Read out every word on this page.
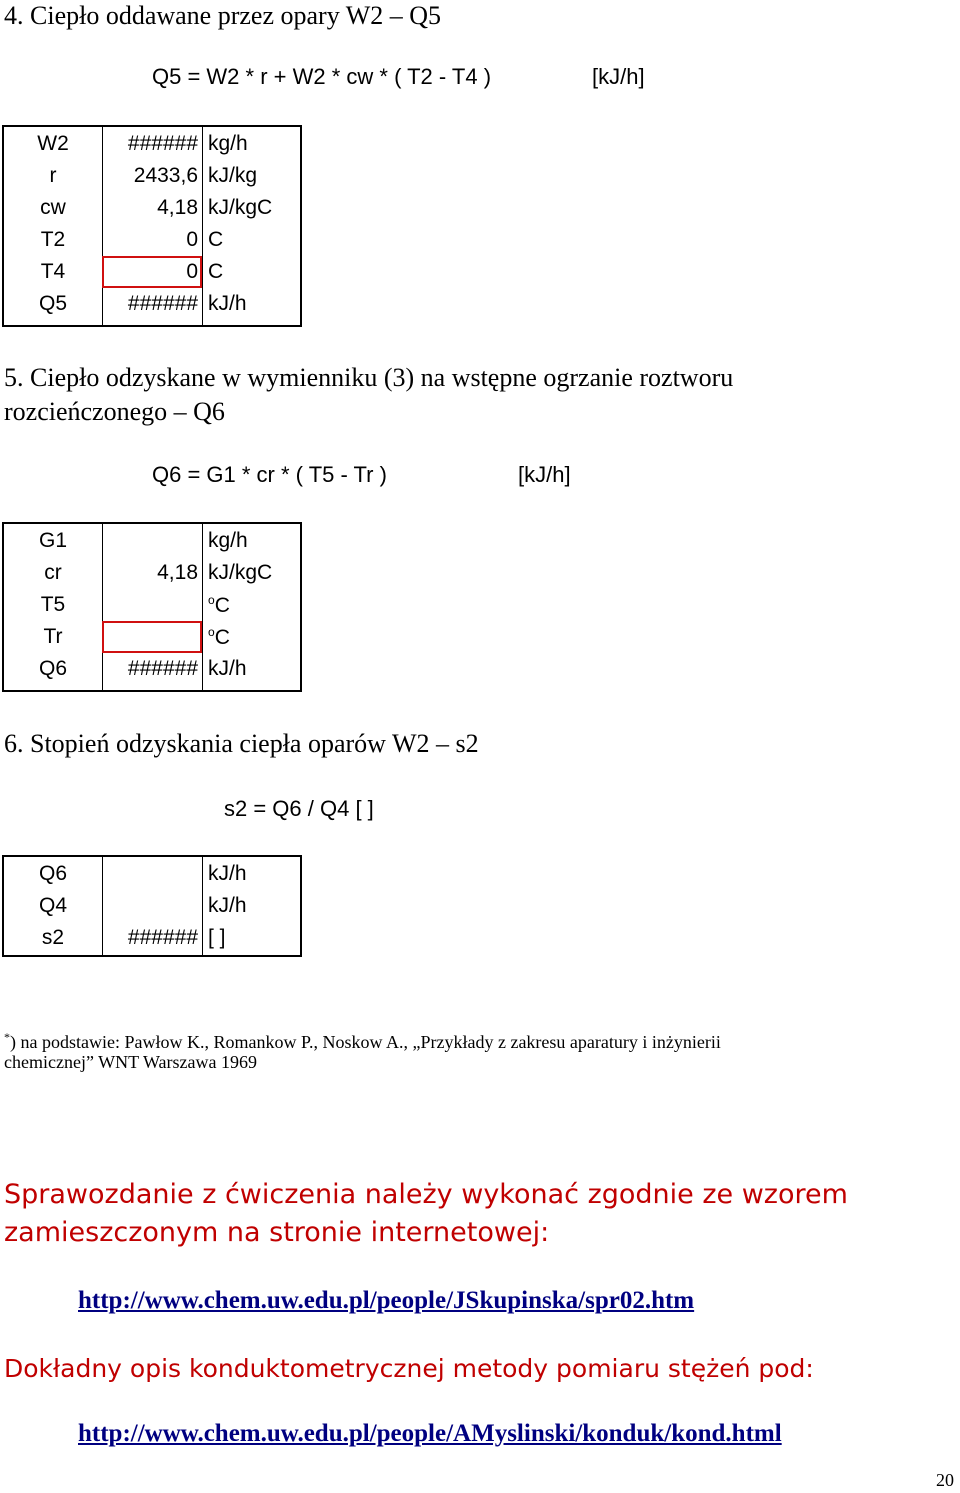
4. Ciepło oddawane przez opary W2 – Q5
Q5 = W2 * r + W2 * cw * ( T2 - T4 )	[kJ/h]
W2	######	kg/h
r	2433,6	kJ/kg
cw	4,18	kJ/kgC
T2	0	C
T4	0	C
Q5	######	kJ/h
5. Ciepło odzyskane w wymienniku (3) na wstępne ogrzanie roztworu
rozcieńczonego – Q6
Q6 = G1 * cr * ( T5 - Tr )	[kJ/h]
G1		kg/h
cr	4,18	kJ/kgC
T5		$^o$C
Tr		$^o$C
Q6	######	kJ/h
6. Stopień odzyskania ciepła oparów W2 – s2
s2 = Q6 / Q4 [ ]
Q6		kJ/h
Q4		kJ/h
s2	######	[ ]
*) na podstawie: Pawłow K., Romankow P., Noskow A., „Przykłady z zakresu aparatury i inżynierii
chemicznej” WNT Warszawa 1969
Sprawozdanie z ćwiczenia należy wykonać zgodnie ze wzorem
zamieszczonym na stronie internetowej:
http://www.chem.uw.edu.pl/people/JSkupinska/spr02.htm
Dokładny opis konduktometrycznej metody pomiaru stężeń pod:
http://www.chem.uw.edu.pl/people/AMyslinski/konduk/kond.html
20
